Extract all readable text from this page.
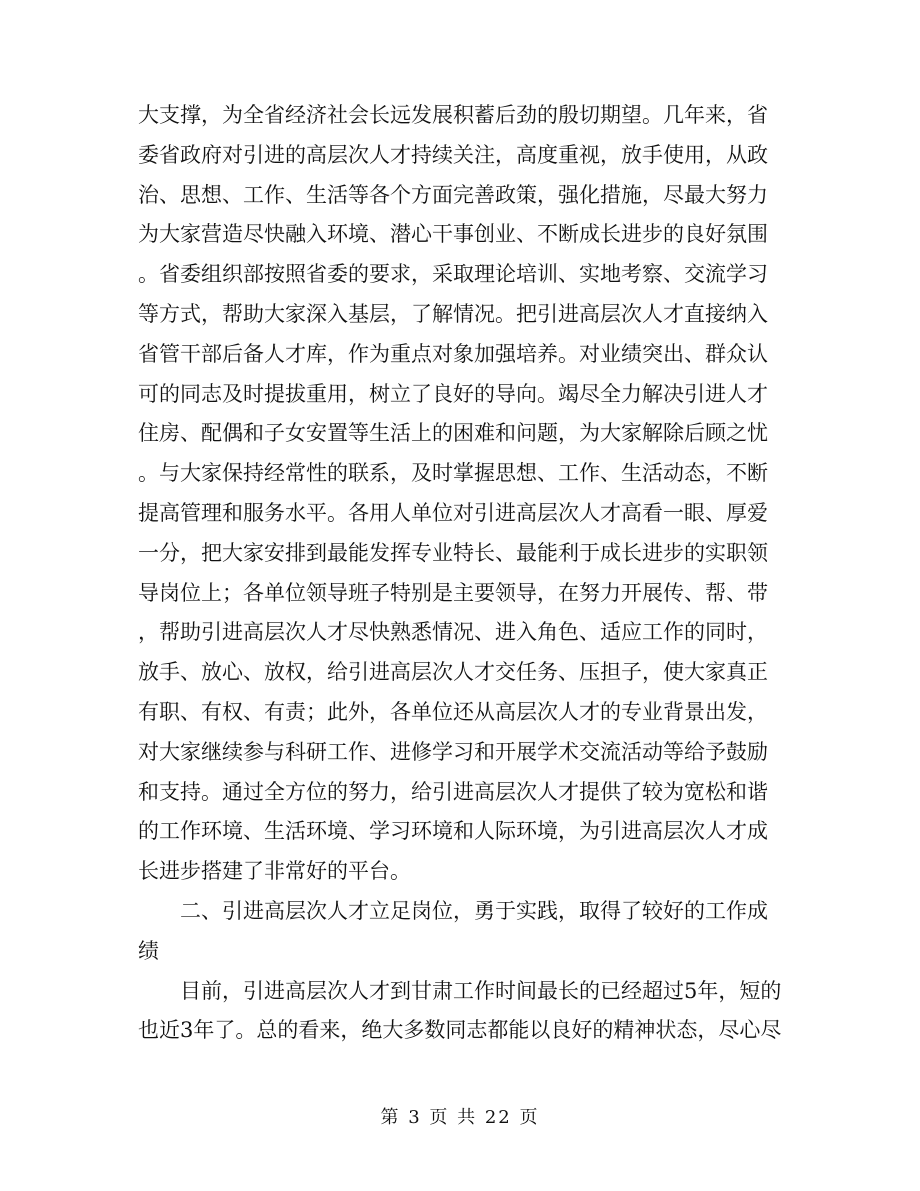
大支撑，为全省经济社会长远发展积蓄后劲的殷切期望。几年来，省
委省政府对引进的高层次人才持续关注，高度重视，放手使用，从政
治、思想、工作、生活等各个方面完善政策，强化措施，尽最大努力
为大家营造尽快融入环境、潜心干事创业、不断成长进步的良好氛围
。省委组织部按照省委的要求，采取理论培训、实地考察、交流学习
等方式，帮助大家深入基层，了解情况。把引进高层次人才直接纳入
省管干部后备人才库，作为重点对象加强培养。对业绩突出、群众认
可的同志及时提拔重用，树立了良好的导向。竭尽全力解决引进人才
住房、配偶和子女安置等生活上的困难和问题，为大家解除后顾之忧
。与大家保持经常性的联系，及时掌握思想、工作、生活动态，不断
提高管理和服务水平。各用人单位对引进高层次人才高看一眼、厚爱
一分，把大家安排到最能发挥专业特长、最能利于成长进步的实职领
导岗位上；各单位领导班子特别是主要领导，在努力开展传、帮、带
，帮助引进高层次人才尽快熟悉情况、进入角色、适应工作的同时，
放手、放心、放权，给引进高层次人才交任务、压担子，使大家真正
有职、有权、有责；此外，各单位还从高层次人才的专业背景出发，
对大家继续参与科研工作、进修学习和开展学术交流活动等给予鼓励
和支持。通过全方位的努力，给引进高层次人才提供了较为宽松和谐
的工作环境、生活环境、学习环境和人际环境，为引进高层次人才成
长进步搭建了非常好的平台。
二、引进高层次人才立足岗位，勇于实践，取得了较好的工作成
绩
目前，引进高层次人才到甘肃工作时间最长的已经超过5年，短的
也近3年了。总的看来，绝大多数同志都能以良好的精神状态，尽心尽
第 3 页 共 22 页
